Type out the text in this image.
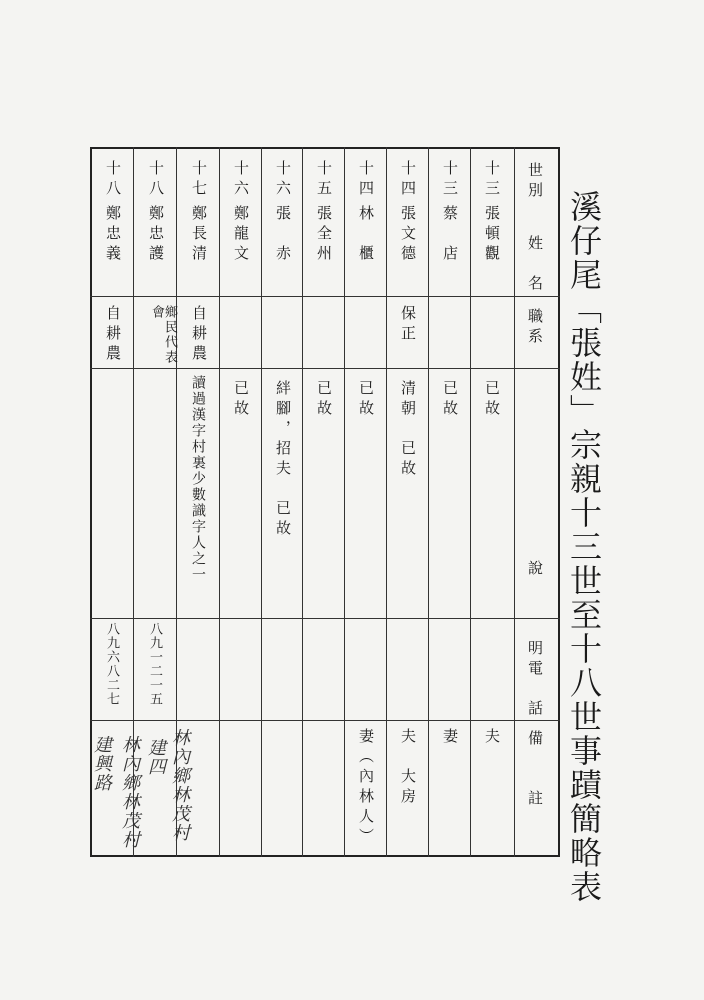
溪仔尾「張姓」宗親十三世至十八世事蹟簡略表
世別
姓　名
職系
說　　　明
電　話
備　　註
十三
張頓觀
已故
夫
十三
蔡　店
已故
妻
十四
張文德
保正
清朝　已故
夫　大房
十四
林　櫃
已故
妻（內林人）
十五
張全州
已故
十六
張　赤
絆腳，招夫　已故
十六
鄭龍文
已故
十七
鄭長清
自耕農
讀過漢字村裏少數識字人之一
十八
鄭忠護
鄉民代表會
八九一二一五
十八
鄭忠義
自耕農
八九六八二七
林內鄉林茂村
建四
林內鄉林茂村
建興路
